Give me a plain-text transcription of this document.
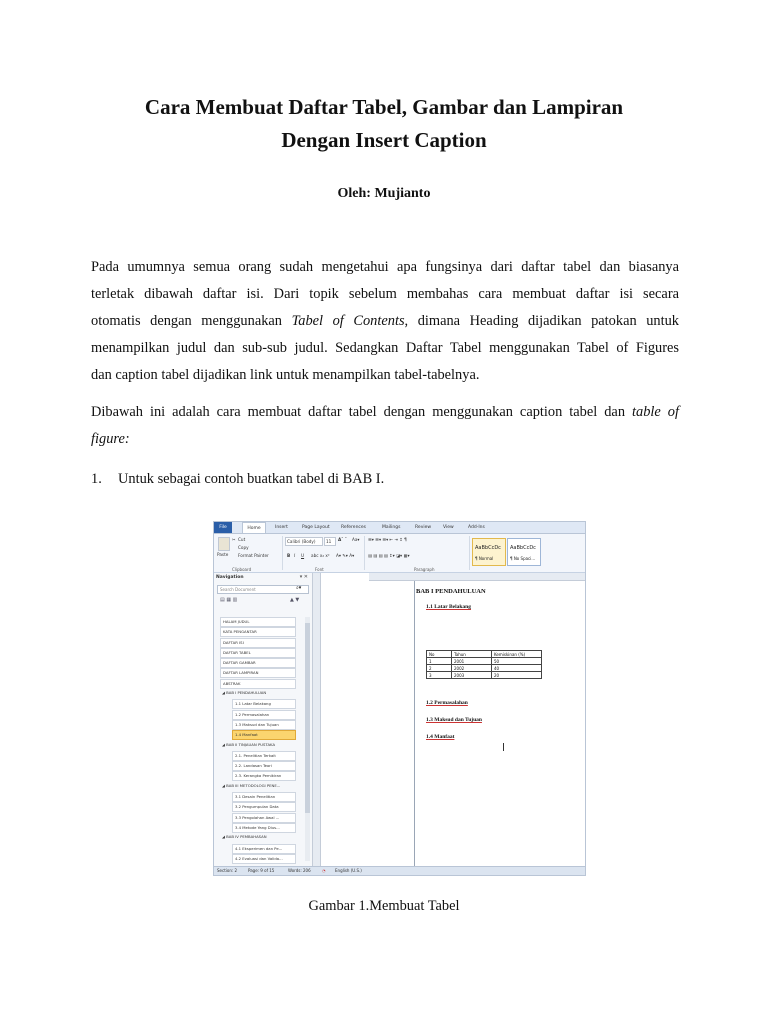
Cara Membuat Daftar Tabel, Gambar dan Lampiran
Dengan Insert Caption
Oleh: Mujianto
Pada umumnya semua orang sudah mengetahui apa fungsinya dari daftar tabel dan biasanya
terletak dibawah daftar isi. Dari topik sebelum membahas cara membuat daftar isi secara
otomatis dengan menggunakan Tabel of Contents, dimana Heading dijadikan patokan untuk
menampilkan judul dan sub-sub judul. Sedangkan Daftar Tabel menggunakan Tabel of Figures
dan caption tabel dijadikan link untuk menampilkan tabel-tabelnya.
Dibawah ini adalah cara membuat daftar tabel dengan menggunakan caption tabel dan table of
figure:
1. Untuk sebagai contoh buatkan tabel di BAB I.
File	Home	Insert	Page Layout	References	Mailings	Review	View	Add-Ins
Paste
✂ Cut
Copy
Format Painter
Clipboard
Calibri (Body) 11 Aˆ ˇ Aa▾
B I U abc x₂ x² A▾ ✎▾ A▾
Font
☰▾ ☰▾ ☰▾ ⇤ ⇥ ↕ ¶
▤ ▤ ▤ ▤ ↕▾ ◪▾ ▦▾
Paragraph
AaBbCcDc
¶ Normal
AaBbCcDc
¶ No Spaci...
Navigation	▾ ✕
Search Document	⌕▾
▤ ▦ ▥	▲ ▼
HALAM JUDUL
KATA PENGANTAR
DAFTAR ISI
DAFTAR TABEL
DAFTAR GAMBAR
DAFTAR LAMPIRAN
ABSTRAK
◢ BAB I PENDAHULUAN
1.1 Latar Belakang
1.2 Permasalahan
1.3 Maksud dan Tujuan
1.4 Manfaat
◢ BAB II TINJAUAN PUSTAKA
2.1. Penelitian Terkait
2.2. Landasan Teori
2.3. Kerangka Pemikiran
◢ BAB III METODOLOGI PENE...
3.1 Desain Penelitian
3.2 Pengumpulan Data
3.3 Pengolahan Awal ...
3.4 Metode Yang Dius...
◢ BAB IV PEMBAHASAN
4.1 Eksperimen dan Pe...
4.2 Evaluasi dan Valida...
BAB I PENDAHULUAN
1.1 Latar Belakang
No	Tahun	Kemiskinan (%)
1	2001	50
2	2002	40
3	2003	20
1.2 Permasalahan
1.3 Maksud dan Tujuan
1.4 Manfaat
Section: 2	Page: 9 of 15	Words: 206	◔ English (U.S.)
Gambar 1.Membuat Tabel
